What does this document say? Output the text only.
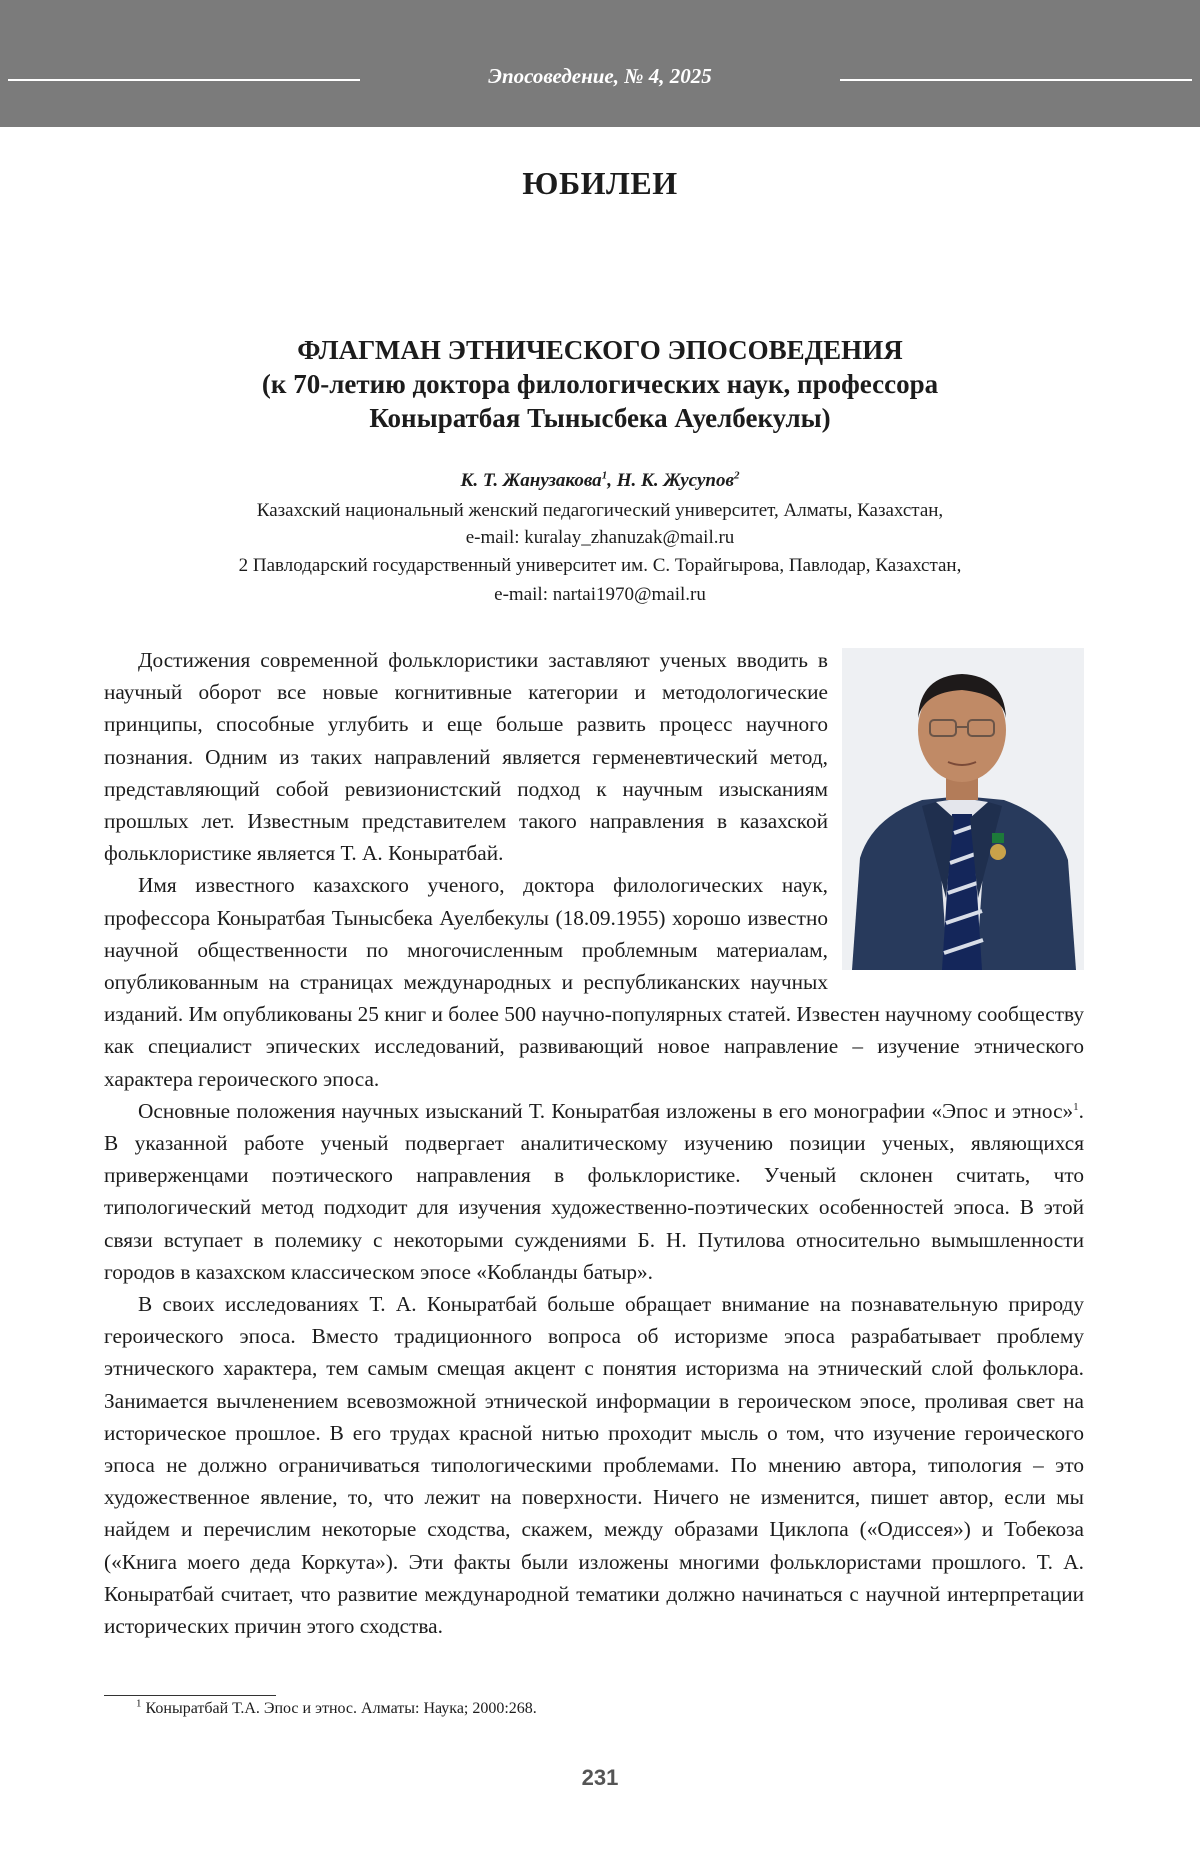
Эпосоведение, № 4, 2025
ЮБИЛЕИ
ФЛАГМАН ЭТНИЧЕСКОГО ЭПОСОВЕДЕНИЯ
(к 70-летию доктора филологических наук, профессора
Коныратбая Тынысбека Ауелбекулы)
К. Т. Жанузакова$^1$, Н. К. Жусупов$^2$
Казахский национальный женский педагогический университет, Алматы, Казахстан,
e-mail: kuralay_zhanuzak@mail.ru
2 Павлодарский государственный университет им. С. Торайгырова, Павлодар, Казахстан,
e-mail: nartai1970@mail.ru

Достижения современной фольклористики заставляют ученых вводить в научный оборот все новые когнитивные категории и методологические принципы, способные углубить и еще больше развить процесс научного познания. Одним из таких направлений является герменевтический метод, представляющий собой ревизионистский подход к научным изысканиям прошлых лет. Известным представителем такого направления в казахской фольклористике является Т. А. Коныратбай.

Имя известного казахского ученого, доктора филологических наук, профессора Коныратбая Тынысбека Ауелбекулы (18.09.1955) хорошо известно научной общественности по многочисленным проблемным материалам, опубликованным на страницах международных и республиканских научных изданий. Им опубликованы 25 книг и более 500 научно-популярных статей. Известен научному сообществу как специалист эпических исследований, развивающий новое направление – изучение этнического характера героического эпоса.

Основные положения научных изысканий Т. Коныратбая изложены в его монографии «Эпос и этнос»$^1$. В указанной работе ученый подвергает аналитическому изучению позиции ученых, являющихся приверженцами поэтического направления в фольклористике. Ученый склонен считать, что типологический метод подходит для изучения художественно-поэтических особенностей эпоса. В этой связи вступает в полемику с некоторыми суждениями Б. Н. Путилова относительно вымышленности городов в казахском классическом эпосе «Кобланды батыр».

В своих исследованиях Т. А. Коныратбай больше обращает внимание на познавательную природу героического эпоса. Вместо традиционного вопроса об историзме эпоса разрабатывает проблему этнического характера, тем самым смещая акцент с понятия историзма на этнический слой фольклора. Занимается вычленением всевозможной этнической информации в героическом эпосе, проливая свет на историческое прошлое. В его трудах красной нитью проходит мысль о том, что изучение героического эпоса не должно ограничиваться типологическими проблемами. По мнению автора, типология – это художественное явление, то, что лежит на поверхности. Ничего не изменится, пишет автор, если мы найдем и перечислим некоторые сходства, скажем, между образами Циклопа («Одиссея») и Тобекоза («Книга моего деда Коркута»). Эти факты были изложены многими фольклористами прошлого. Т. А. Коныратбай считает, что развитие международной тематики должно начинаться с научной интерпретации исторических причин этого сходства.

$^1$ Коныратбай Т.А. Эпос и этнос. Алматы: Наука; 2000:268.
231
